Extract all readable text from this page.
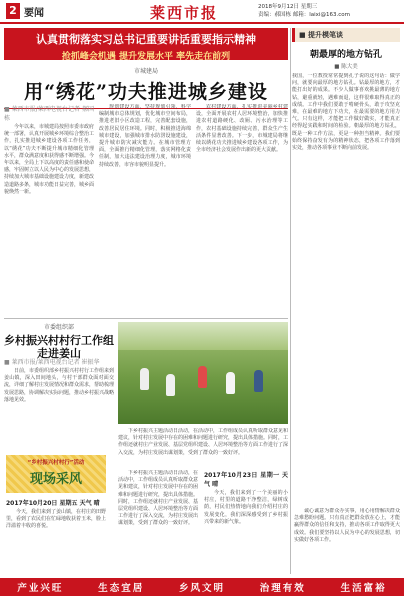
2 要闻	莱西市报	2018年9月12日 星期三
责编：郝国栋 邮箱：laixi@163.com
认真贯彻落实习总书记重要讲话重要指示精神
抢抓峰会机遇 提升发展水平 率先走在前列
市城建局
用“绣花”功夫推进城乡建设
■ 莱西市报/莱西电视台记者 郝国栋
今年以来，市城建局按照市委市政府统一部署，认真开展城乡环境综合整治工作，扎实推进城乡建设各项工作任务，以“绣花”功夫不断提升城市精细化管理水平，群众满意度和获得感不断增强。今年以来，全局上下以高度的责任感和使命感，牢固树立以人民为中心的发展思想，持续加大城市基础设施建设力度，新建改造道路多条，城市功能日益完善，城乡面貌焕然一新。
规划建设方面，坚持规划引领，科学编制城市总体规划，优化城市空间布局，推进老旧小区改造工程，完善配套设施，改善居民居住环境。同时，积极推进海绵城市建设，加强城市排水防涝设施建设，提升城市防灾减灾能力。在城市管理方面，全面推行精细化管理，落实网格化责任制，加大违法建设治理力度，城市环境持续改善，市容市貌明显提升。
农村建设方面，扎实推进美丽乡村建设，全面开展农村人居环境整治，加快推进农村道路硬化、改厕、污水治理等工作，农村基础设施持续完善，群众生产生活条件显著改善。下一步，市城建局将继续以绣花功夫推进城乡建设各项工作，为全市经济社会发展作出新的更大贡献。
市委组织部
乡村振兴村村行工作组
走进姜山
■ 莱西市报/莱西电视台记者 崔振华
日前，市委组织部乡村振兴村村行工作组来到姜山镇，深入田间地头，与村干部群众面对面交流，详细了解村庄发展情况和群众需求，帮助梳理发展思路，协调解决实际问题，推动乡村振兴战略落地见效。
下乡村振兴主题活动日活动，在活动中，工作组成员认真听取群众意见和建议，针对村庄发展中存在的困难和问题进行研究，提出具体措施。同时，工作组还就村庄产业发展、基层党组织建设、人居环境整治等方面工作进行了深入交流，为村庄发展出谋划策，受到了群众的一致好评。
“乡村振兴村村行”活动
现场采风
2017年10月20日 星期五 天气 晴
今天，我们来到了姜山镇，在村庄的田野里，看到了农民们在忙碌地收获着玉米，脸上洋溢着丰收的喜悦。
下乡村振兴主题活动日活动，在活动中，工作组成员认真听取群众意见和建议，针对村庄发展中存在的困难和问题进行研究，提出具体措施。同时，工作组还就村庄产业发展、基层党组织建设、人居环境整治等方面工作进行了深入交流，为村庄发展出谋划策，受到了群众的一致好评。
2017年10月23日 星期一 天气 晴
今天，我们来到了一个美丽的小村庄，村里的道路干净整洁，绿树成荫，村民们热情地向我们介绍村庄的发展变化，我们深深感受到了乡村振兴带来的新气象。
■ 提升模笔谈
朝最厚的地方钻孔
■ 陈大美
我国，一位教授常常提到孔子说的这句话：做学问，就要向最厚的地方钻孔。钻最厚的地方，才能打出好的成果。不少人做事喜欢挑最薄的地方钻，避重就轻，遇难而退，这样很难取得真正的成绩。工作中我们要敢于啃硬骨头，敢于攻坚克难，在最难的地方下功夫，在最需要的地方用力气。只有这样，才能把工作做好做实，才能真正经得起实践和时间的检验。朝最厚的地方钻孔，既是一种工作方法，更是一种担当精神。我们要始终保持奋发有为的精神状态，把各项工作落到实处，推动各项事业不断向前发展。
诚心诚意为群众办实事，用心用情解决群众急难愁盼问题。只有真正把群众放在心上，才能赢得群众的信任和支持，推动各项工作取得更大成效。我们要坚持以人民为中心的发展思想，切实做好各项工作。
产业兴旺	生态宜居	乡风文明	治理有效	生活富裕
